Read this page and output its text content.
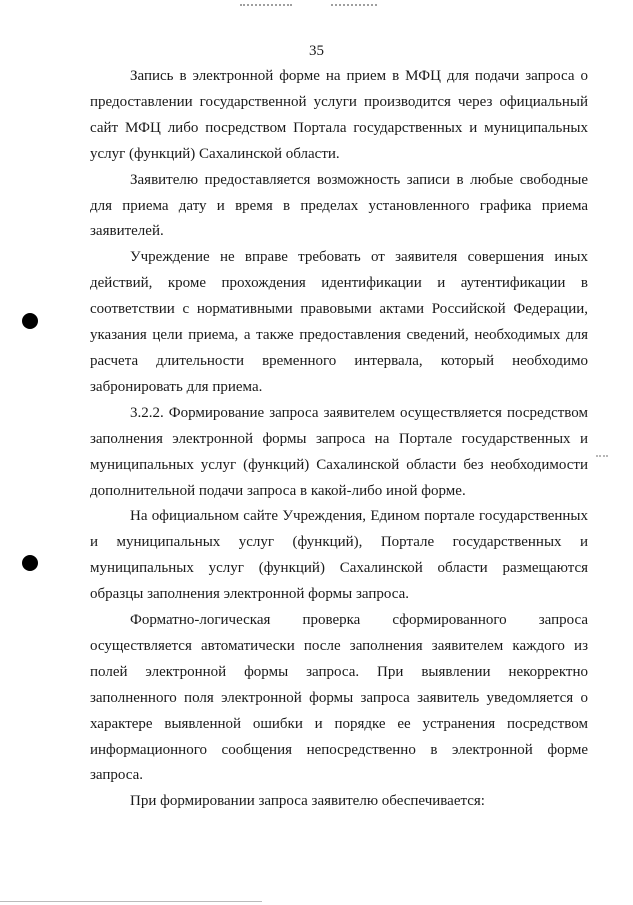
35

Запись в электронной форме на прием в МФЦ для подачи запроса о предоставлении государственной услуги производится через официальный сайт МФЦ либо посредством Портала государственных и муниципальных услуг (функций) Сахалинской области.

Заявителю предоставляется возможность записи в любые свободные для приема дату и время в пределах установленного графика приема заявителей.

Учреждение не вправе требовать от заявителя совершения иных действий, кроме прохождения идентификации и аутентификации в соответствии с нормативными правовыми актами Российской Федерации, указания цели приема, а также предоставления сведений, необходимых для расчета длительности временного интервала, который необходимо забронировать для приема.

3.2.2. Формирование запроса заявителем осуществляется посредством заполнения электронной формы запроса на Портале государственных и муниципальных услуг (функций) Сахалинской области без необходимости дополнительной подачи запроса в какой-либо иной форме.

На официальном сайте Учреждения, Едином портале государственных и муниципальных услуг (функций), Портале государственных и муниципальных услуг (функций) Сахалинской области размещаются образцы заполнения электронной формы запроса.

Форматно-логическая проверка сформированного запроса осуществляется автоматически после заполнения заявителем каждого из полей электронной формы запроса. При выявлении некорректно заполненного поля электронной формы запроса заявитель уведомляется о характере выявленной ошибки и порядке ее устранения посредством информационного сообщения непосредственно в электронной форме запроса.

При формировании запроса заявителю обеспечивается:
